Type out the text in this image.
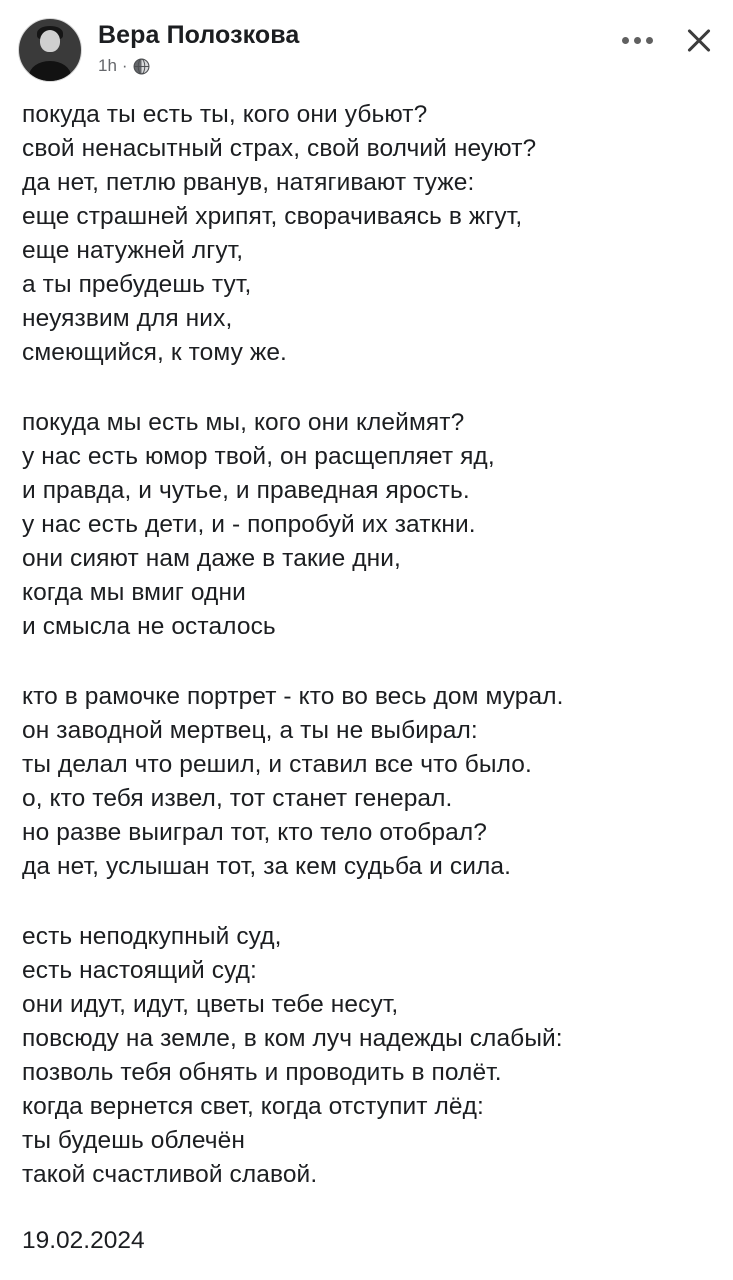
Вера Полозкова
1h ·
покуда ты есть ты, кого они убьют?
свой ненасытный страх, свой волчий неуют?
да нет, петлю рванув, натягивают туже:
еще страшней хрипят, сворачиваясь в жгут,
еще натужней лгут,
а ты пребудешь тут,
неуязвим для них,
смеющийся, к тому же.
покуда мы есть мы, кого они клеймят?
у нас есть юмор твой, он расщепляет яд,
и правда, и чутье, и праведная ярость.
у нас есть дети, и - попробуй их заткни.
они сияют нам даже в такие дни,
когда мы вмиг одни
и смысла не осталось
кто в рамочке портрет - кто во весь дом мурал.
он заводной мертвец, а ты не выбирал:
ты делал что решил, и ставил все что было.
о, кто тебя извел, тот станет генерал.
но разве выиграл тот, кто тело отобрал?
да нет, услышан тот, за кем судьба и сила.
есть неподкупный суд,
есть настоящий суд:
они идут, идут, цветы тебе несут,
повсюду на земле, в ком луч надежды слабый:
позволь тебя обнять и проводить в полёт.
когда вернется свет, когда отступит лёд:
ты будешь облечён
такой счастливой славой.
19.02.2024
